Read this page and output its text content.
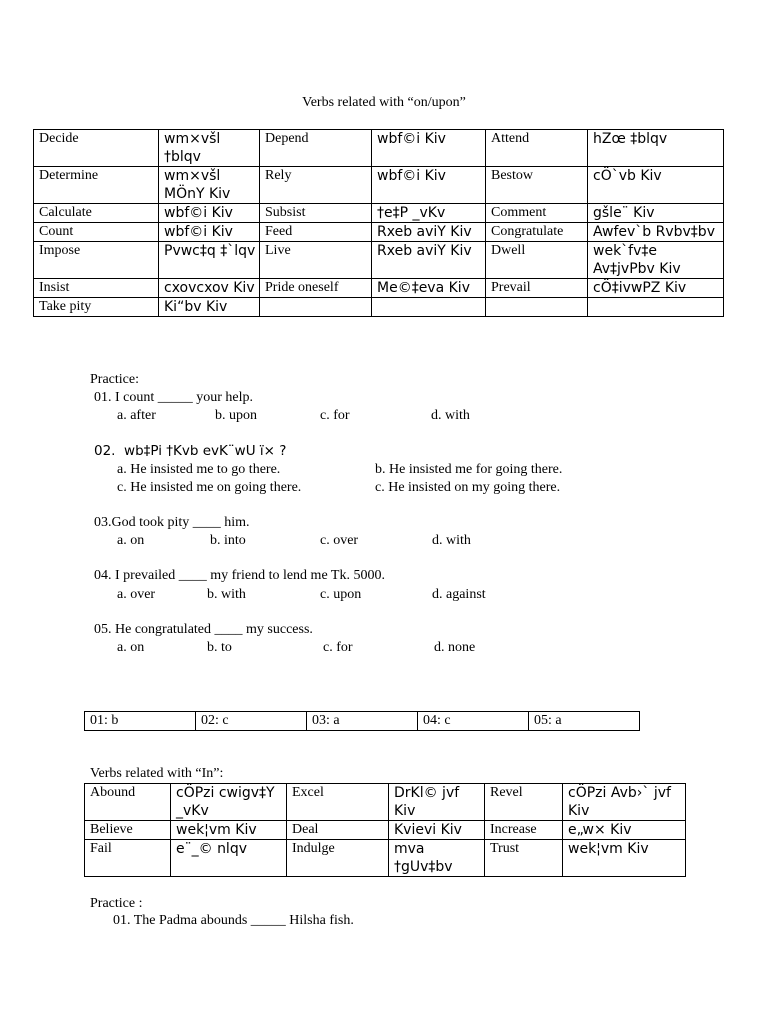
Verbs related with “on/upon”
Decide	wm×všl †blqv	Depend	wbf©i Kiv	Attend	hZœ ‡blqv
Determine	wm×všl MÖnY Kiv	Rely	wbf©i Kiv	Bestow	cÖ`vb Kiv
Calculate	wbf©i Kiv	Subsist	†e‡P _vKv	Comment	gšle¨ Kiv
Count	wbf©i Kiv	Feed	Rxeb aviY Kiv	Congratulate	Awfev`b Rvbv‡bv
Impose	Pvwc‡q ‡`lqv	Live	Rxeb aviY Kiv	Dwell	wek`fv‡e Av‡jvPbv Kiv
Insist	cxovcxov Kiv	Pride oneself	Me©‡eva Kiv	Prevail	cÖ‡ivwPZ Kiv
Take pity	Ki“bv Kiv				
Practice:
01. I count _____ your help.
a. after	b. upon	c. for	d. with
02.  wb‡Pi †Kvb evK¨wU ï× ?
a. He insisted me to go there.	b. He insisted me for going there.
c. He insisted me on going there.	c. He insisted on my going there.
03.God took pity ____ him.
a. on	b. into	c. over	d. with
04. I prevailed ____ my friend to lend me Tk. 5000.
a. over	b. with	c. upon	d. against
05. He congratulated ____ my success.
a. on	b. to	c. for	d. none
01: b	02: c	03: a	04: c	05: a
Verbs related with “In”:
Abound	cÖPzi cwigv‡Y _vKv	Excel	DrKl© jvf Kiv	Revel	cÖPzi Avb›` jvf Kiv
Believe	wek¦vm Kiv	Deal	Kvievi Kiv	Increase	e„w× Kiv
Fail	e¨_© nlqv	Indulge	mva †gUv‡bv	Trust	wek¦vm Kiv
Practice :
01. The Padma abounds _____ Hilsha fish.
